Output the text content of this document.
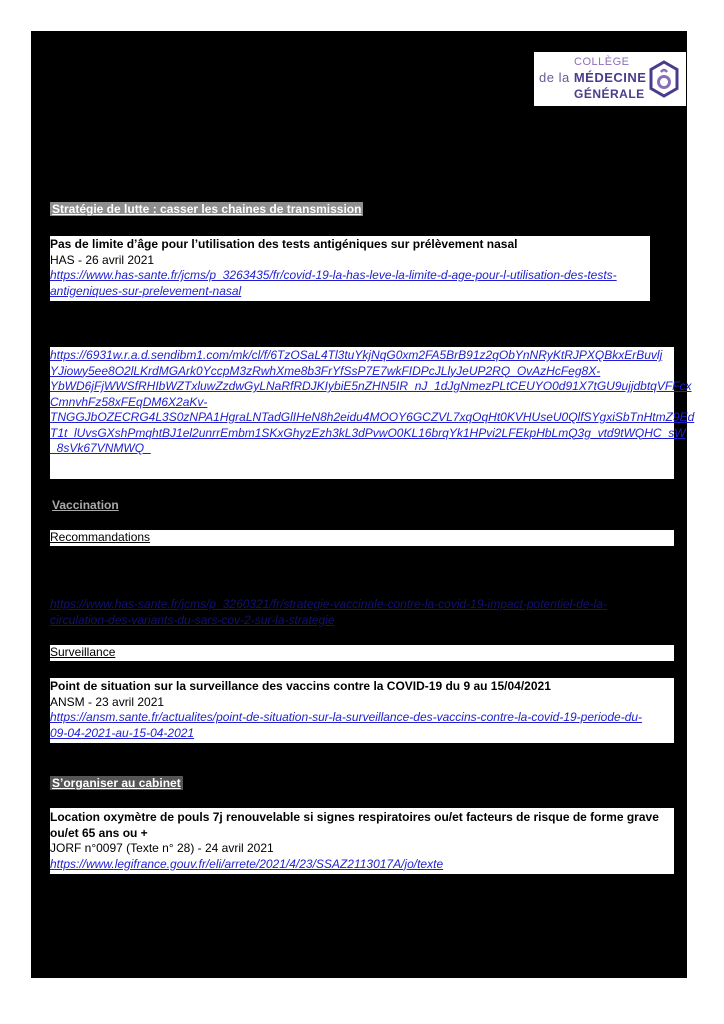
COLLÈGE
de la MÉDECINE
GÉNÉRALE
Stratégie de lutte : casser les chaines de transmission
Pas de limite d’âge pour l’utilisation des tests antigéniques sur prélèvement nasal
HAS - 26 avril 2021
https://www.has-sante.fr/jcms/p_3263435/fr/covid-19-la-has-leve-la-limite-d-age-pour-l-utilisation-des-tests-
antigeniques-sur-prelevement-nasal
https://6931w.r.a.d.sendibm1.com/mk/cl/f/6TzOSaL4Tl3tuYkjNqG0xm2FA5BrB91z2qObYnNRyKtRJPXQBkxErBuvlj
YJiowy5ee8O2lLKrdMGArk0YccpM3zRwhXme8b3FrYfSsP7E7wkFIDPcJLlyJeUP2RQ_OvAzHcFeg8X-
YbWD6jFjWWSfRHIbWZTxluwZzdwGyLNaRfRDJKIybiE5nZHN5IR_nJ_1dJgNmezPLtCEUYO0d91X7tGU9ujjdbtqVFFcx
CmnvhFz58xFEqDM6X2aKv-
TNGGJbOZECRG4L3S0zNPA1HgraLNTadGlIHeN8h2eidu4MOOY6GCZVL7xqOqHt0KVHUseU0QlfSYgxiSbTnHtmZ9Ed
T1t_lUvsGXshPmqhtBJ1el2unrrEmbm1SKxGhyzEzh3kL3dPvwO0KL16brqYk1HPvi2LFEkpHbLmQ3g_vtd9tWQHC_sW
_8sVk67VNMWQ_
Vaccination
Recommandations
https://www.has-sante.fr/jcms/p_3260321/fr/strategie-vaccinale-contre-la-covid-19-impact-potentiel-de-la-
circulation-des-variants-du-sars-cov-2-sur-la-strategie
Surveillance
Point de situation sur la surveillance des vaccins contre la COVID-19 du 9 au 15/04/2021
ANSM - 23 avril 2021
https://ansm.sante.fr/actualites/point-de-situation-sur-la-surveillance-des-vaccins-contre-la-covid-19-periode-du-
09-04-2021-au-15-04-2021
S’organiser au cabinet
Location oxymètre de pouls 7j renouvelable si signes respiratoires ou/et facteurs de risque de forme grave
ou/et 65 ans ou +
JORF n°0097 (Texte n° 28) - 24 avril 2021
https://www.legifrance.gouv.fr/eli/arrete/2021/4/23/SSAZ2113017A/jo/texte
